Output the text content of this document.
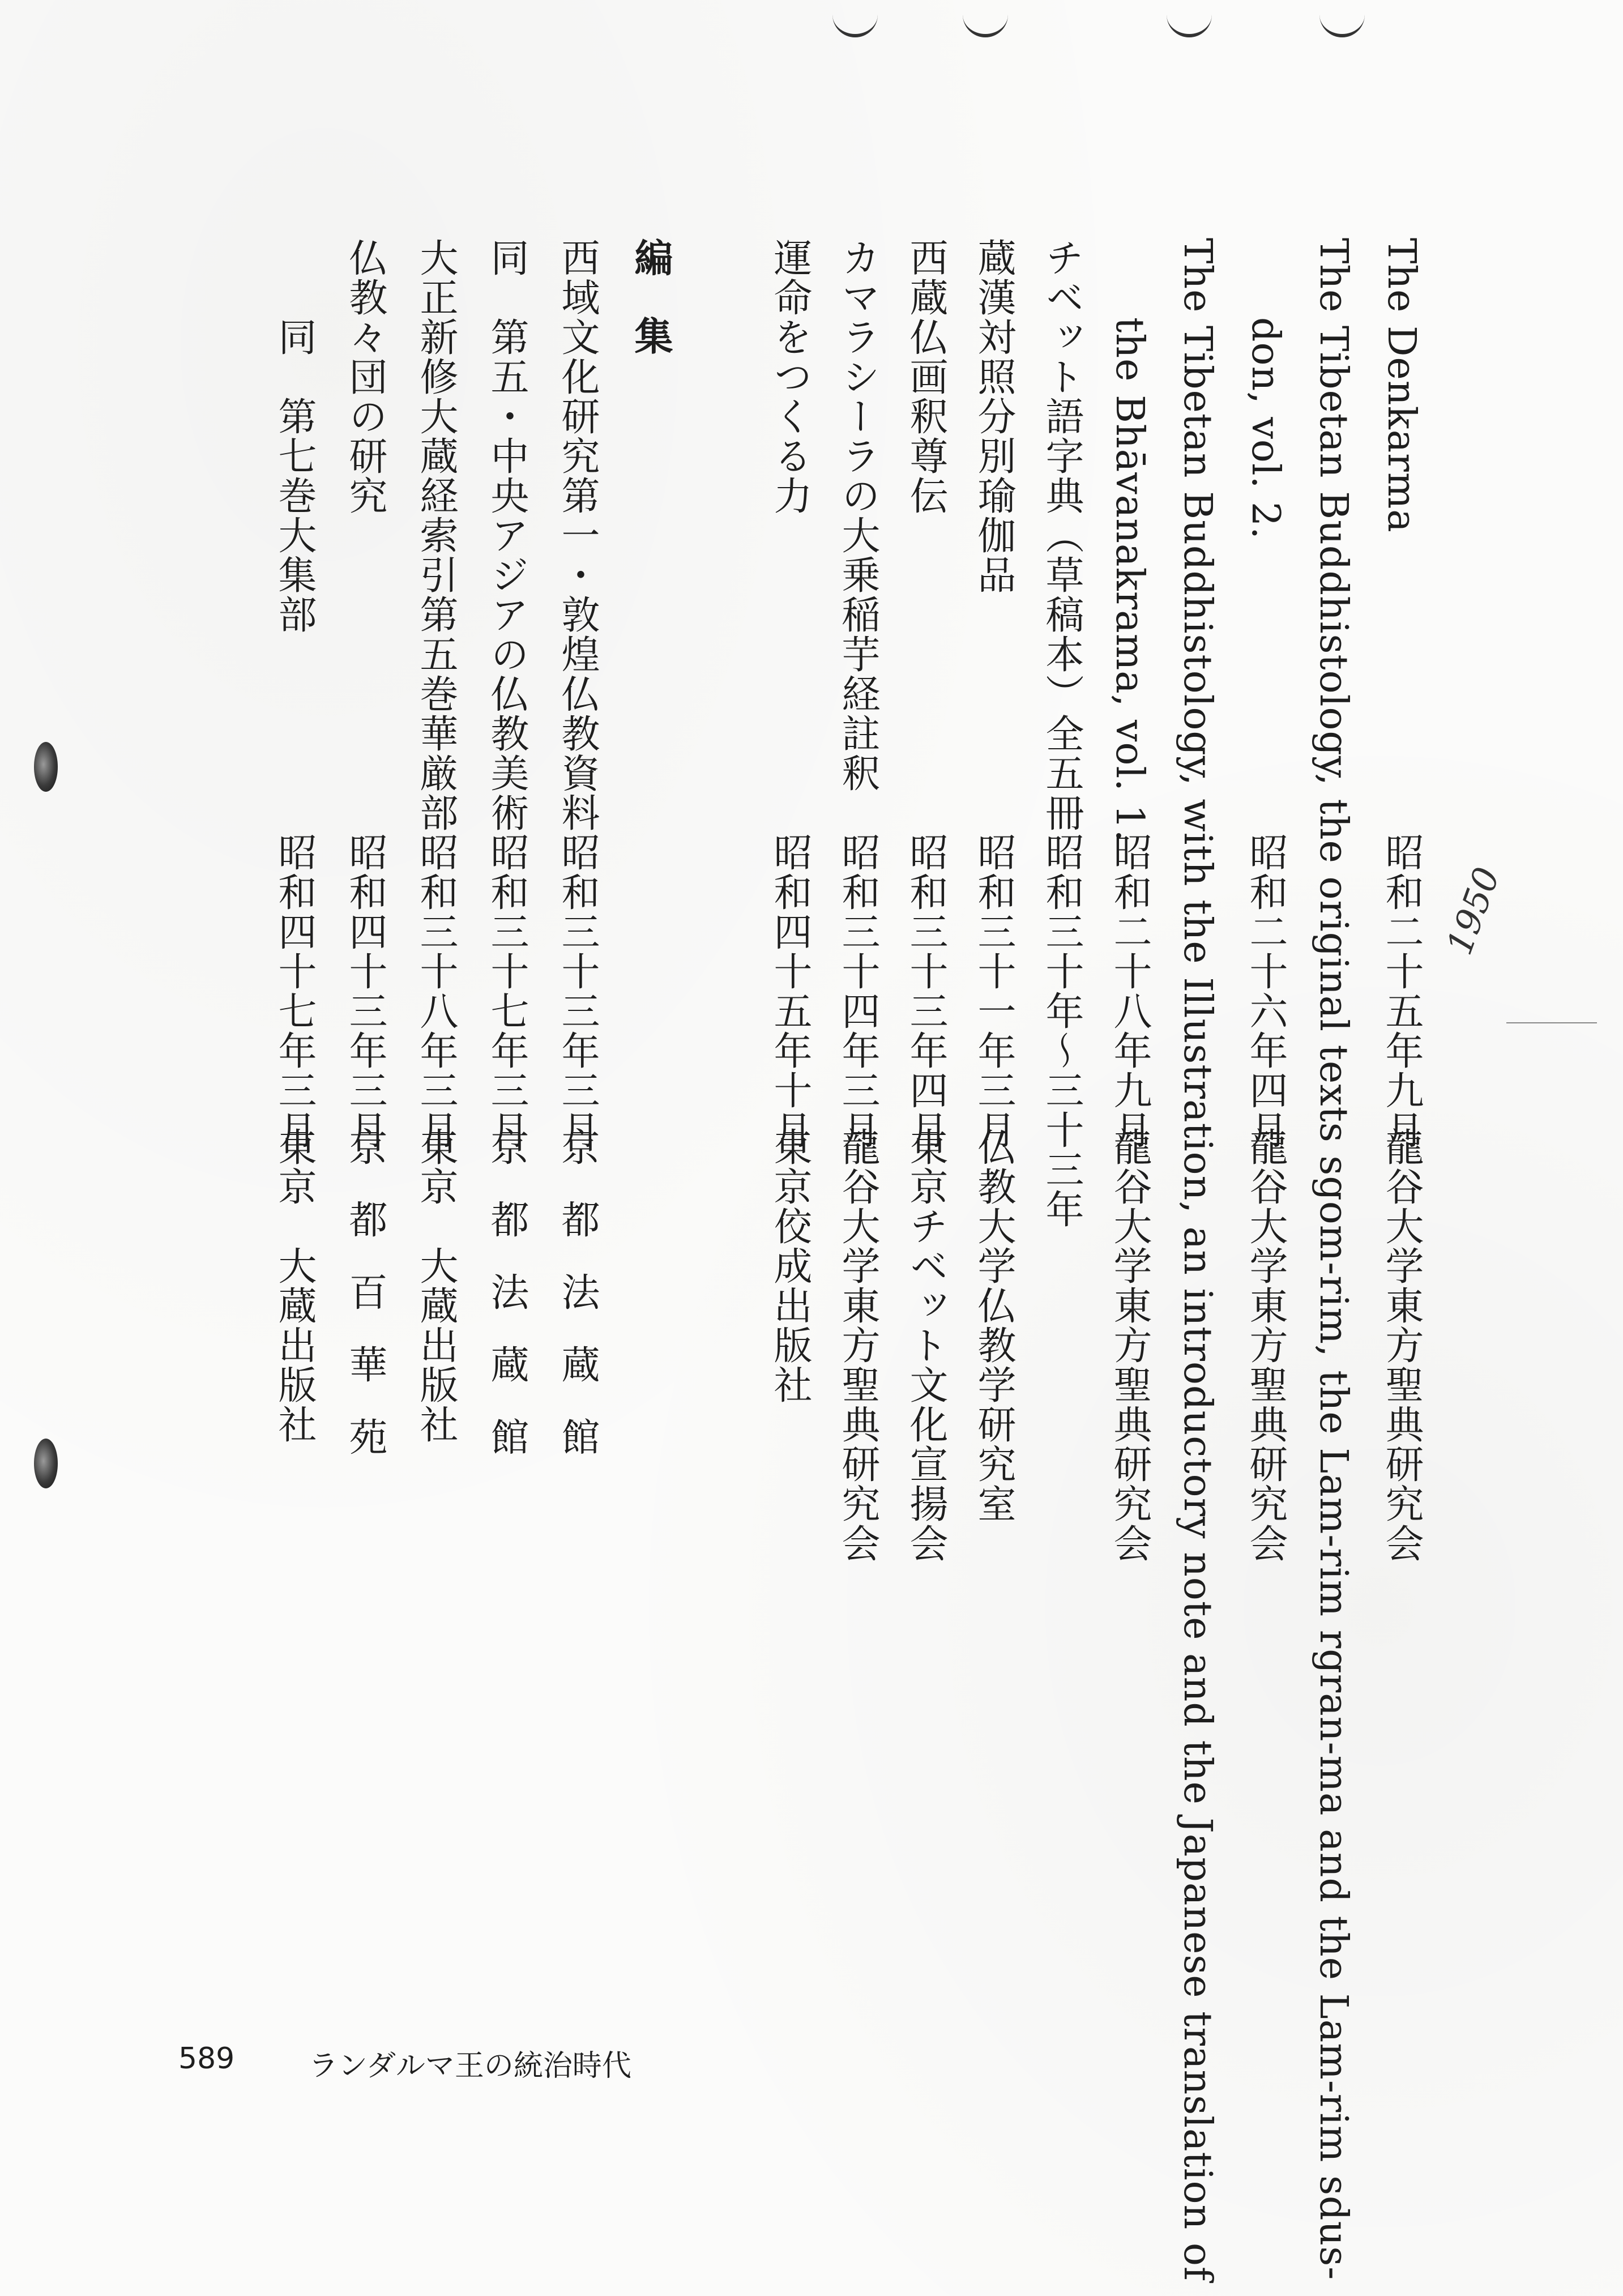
1950
The Denkarma昭和二十五年九月龍谷大学東方聖典研究会
The Tibetan Buddhistology, the original texts sgom-rim, the Lam-rim rgran-ma and the Lam-rim sdus-
don, vol. 2.昭和二十六年四月龍谷大学東方聖典研究会
The Tibetan Buddhistology, with the Illustration, an introductory note and the Japanese translation of
the Bhāvanakrama, vol. 1.昭和二十八年九月龍谷大学東方聖典研究会
チベット語字典（草稿本）全五冊昭和三十年〜三十三年
蔵漢対照分別瑜伽品昭和三十一年三月仏教大学仏教学研究室
西蔵仏画釈尊伝昭和三十三年四月東京チベット文化宣揚会
カマラシーラの大乗稲芋経註釈昭和三十四年三月龍谷大学東方聖典研究会
運命をつくる力昭和四十五年十月東京佼成出版社
編集
西域文化研究第一・敦煌仏教資料昭和三十三年三月京都法蔵館
同　第五・中央アジアの仏教美術昭和三十七年三月京都法蔵館
大正新修大蔵経索引第五巻華厳部昭和三十八年三月東京　大蔵出版社
仏教々団の研究昭和四十三年三月京都百華苑
同　第七巻大集部昭和四十七年三月東京　大蔵出版社
589	ランダルマ王の統治時代
